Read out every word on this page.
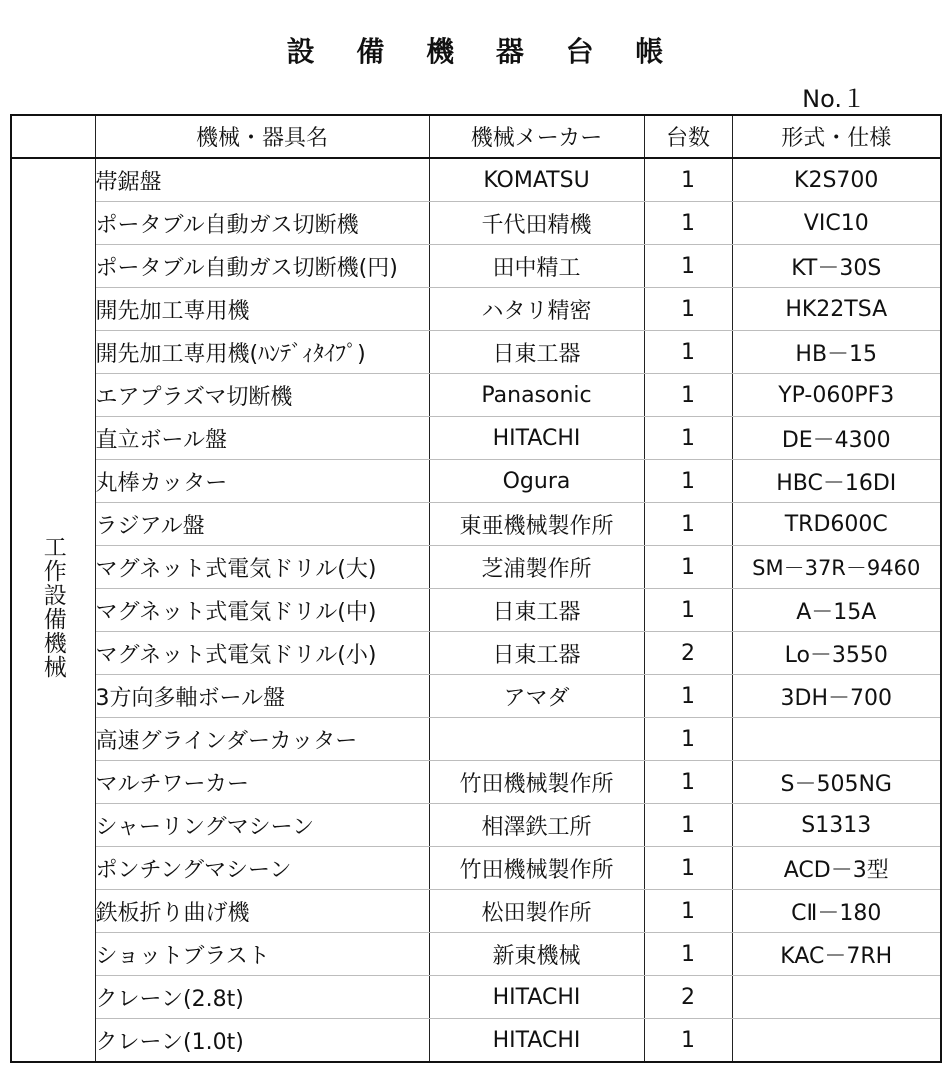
設 備 機 器 台 帳
No.１
	機械・器具名	機械メーカー	台数	形式・仕様
工作設備機械	帯鋸盤	KOMATSU	1	K2S700
	ポータブル自動ガス切断機	千代田精機	1	VIC10
	ポータブル自動ガス切断機(円)	田中精工	1	KT－30S
	開先加工専用機	ハタリ精密	1	HK22TSA
	開先加工専用機(ﾊﾝﾃﾞｨﾀｲﾌﾟ)	日東工器	1	HB－15
	エアプラズマ切断機	Panasonic	1	YP-060PF3
	直立ボール盤	HITACHI	1	DE－4300
	丸棒カッター	Ogura	1	HBC－16DI
	ラジアル盤	東亜機械製作所	1	TRD600C
	マグネット式電気ドリル(大)	芝浦製作所	1	SM－37R－9460
	マグネット式電気ドリル(中)	日東工器	1	A－15A
	マグネット式電気ドリル(小)	日東工器	2	Lo－3550
	3方向多軸ボール盤	アマダ	1	3DH－700
	高速グラインダーカッター		1	
	マルチワーカー	竹田機械製作所	1	S－505NG
	シャーリングマシーン	相澤鉄工所	1	S1313
	ポンチングマシーン	竹田機械製作所	1	ACD－3型
	鉄板折り曲げ機	松田製作所	1	CⅡ－180
	ショットブラスト	新東機械	1	KAC－7RH
	クレーン(2.8t)	HITACHI	2	
	クレーン(1.0t)	HITACHI	1	
